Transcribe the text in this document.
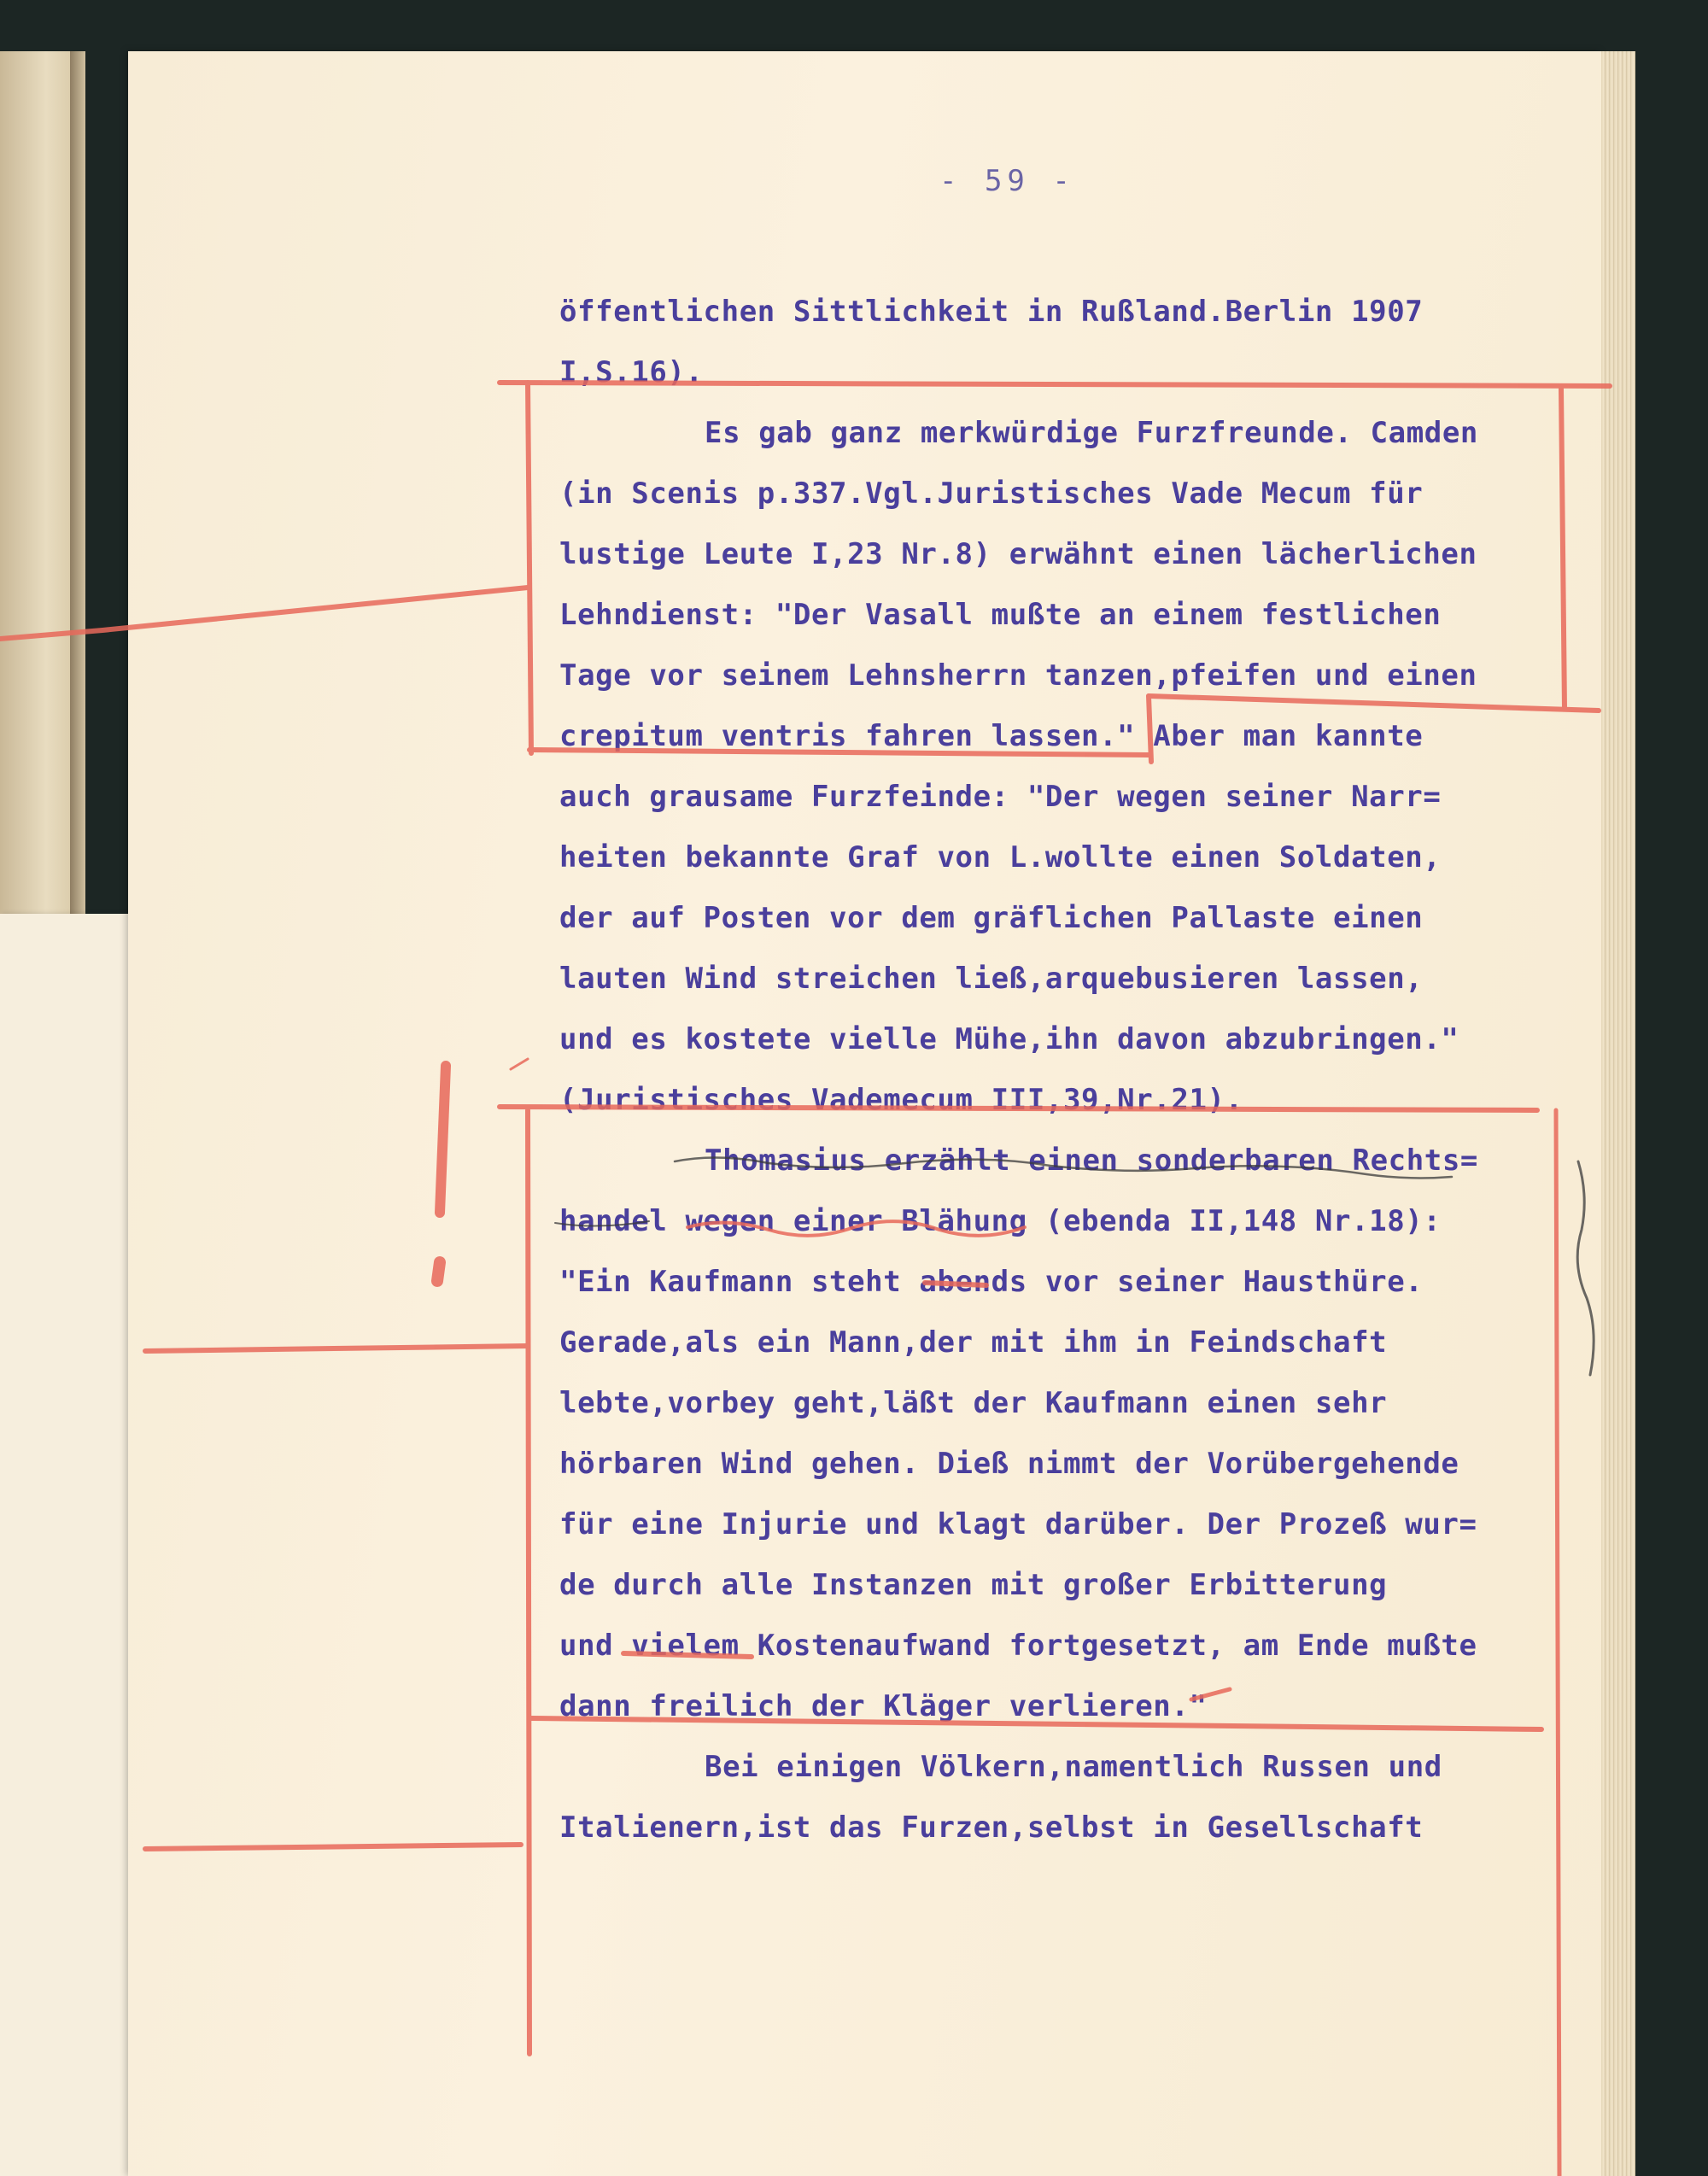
- 59 -
öffentlichen Sittlichkeit in Rußland.Berlin 1907
I,S.16).
Es gab ganz merkwürdige Furzfreunde. Camden
(in Scenis p.337.Vgl.Juristisches Vade Mecum für
lustige Leute I,23 Nr.8) erwähnt einen lächerlichen
Lehndienst: "Der Vasall mußte an einem festlichen
Tage vor seinem Lehnsherrn tanzen,pfeifen und einen
crepitum ventris fahren lassen." Aber man kannte
auch grausame Furzfeinde: "Der wegen seiner Narr=
heiten bekannte Graf von L.wollte einen Soldaten,
der auf Posten vor dem gräflichen Pallaste einen
lauten Wind streichen ließ,arquebusieren lassen,
und es kostete vielle Mühe,ihn davon abzubringen."
(Juristisches Vademecum III,39,Nr.21).
Thomasius erzählt einen sonderbaren Rechts=
handel wegen einer Blähung (ebenda II,148 Nr.18):
"Ein Kaufmann steht abends vor seiner Hausthüre.
Gerade,als ein Mann,der mit ihm in Feindschaft
lebte,vorbey geht,läßt der Kaufmann einen sehr
hörbaren Wind gehen. Dieß nimmt der Vorübergehende
für eine Injurie und klagt darüber. Der Prozeß wur=
de durch alle Instanzen mit großer Erbitterung
und vielem Kostenaufwand fortgesetzt, am Ende mußte
dann freilich der Kläger verlieren."
Bei einigen Völkern,namentlich Russen und
Italienern,ist das Furzen,selbst in Gesellschaft
